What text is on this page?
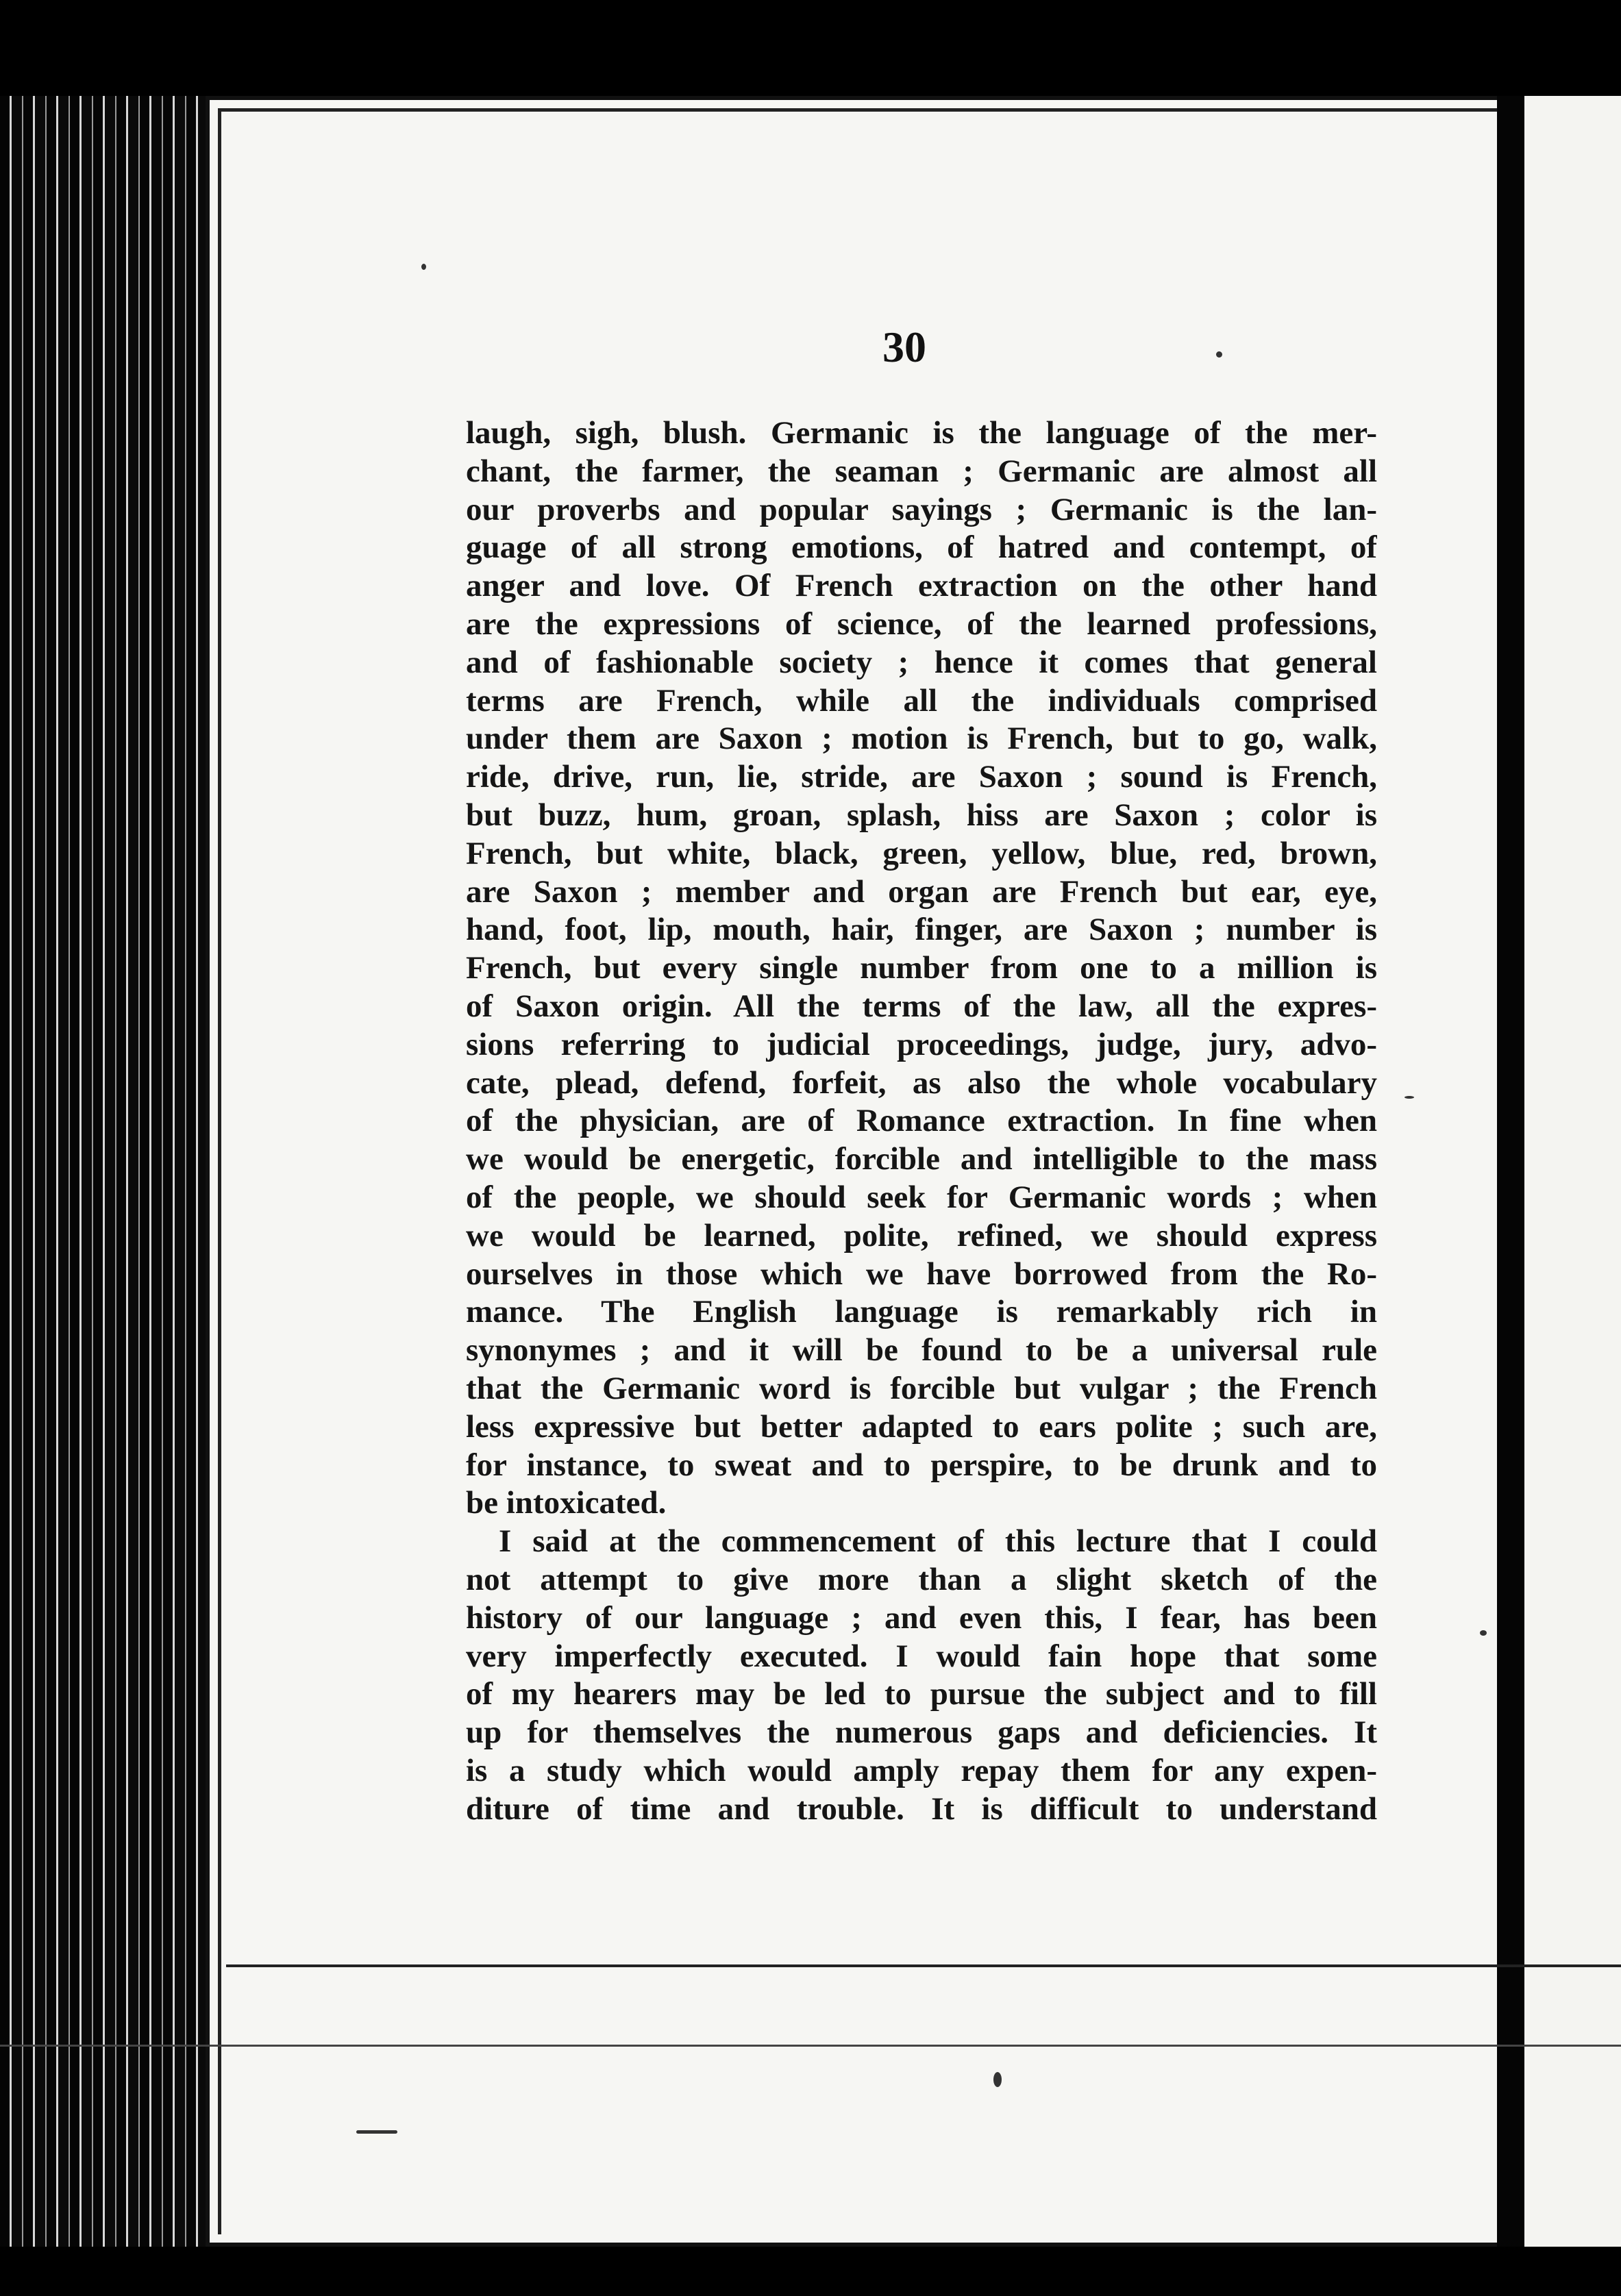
30
laugh, sigh, blush. Germanic is the language of the mer-
chant, the farmer, the seaman ; Germanic are almost all
our proverbs and popular sayings ; Germanic is the lan-
guage of all strong emotions, of hatred and contempt, of
anger and love. Of French extraction on the other hand
are the expressions of science, of the learned professions,
and of fashionable society ; hence it comes that general
terms are French, while all the individuals comprised
under them are Saxon ; motion is French, but to go, walk,
ride, drive, run, lie, stride, are Saxon ; sound is French,
but buzz, hum, groan, splash, hiss are Saxon ; color is
French, but white, black, green, yellow, blue, red, brown,
are Saxon ; member and organ are French but ear, eye,
hand, foot, lip, mouth, hair, finger, are Saxon ; number is
French, but every single number from one to a million is
of Saxon origin. All the terms of the law, all the expres-
sions referring to judicial proceedings, judge, jury, advo-
cate, plead, defend, forfeit, as also the whole vocabulary
of the physician, are of Romance extraction. In fine when
we would be energetic, forcible and intelligible to the mass
of the people, we should seek for Germanic words ; when
we would be learned, polite, refined, we should express
ourselves in those which we have borrowed from the Ro-
mance. The English language is remarkably rich in
synonymes ; and it will be found to be a universal rule
that the Germanic word is forcible but vulgar ; the French
less expressive but better adapted to ears polite ; such are,
for instance, to sweat and to perspire, to be drunk and to
be intoxicated.
I said at the commencement of this lecture that I could
not attempt to give more than a slight sketch of the
history of our language ; and even this, I fear, has been
very imperfectly executed. I would fain hope that some
of my hearers may be led to pursue the subject and to fill
up for themselves the numerous gaps and deficiencies. It
is a study which would amply repay them for any expen-
diture of time and trouble. It is difficult to understand
